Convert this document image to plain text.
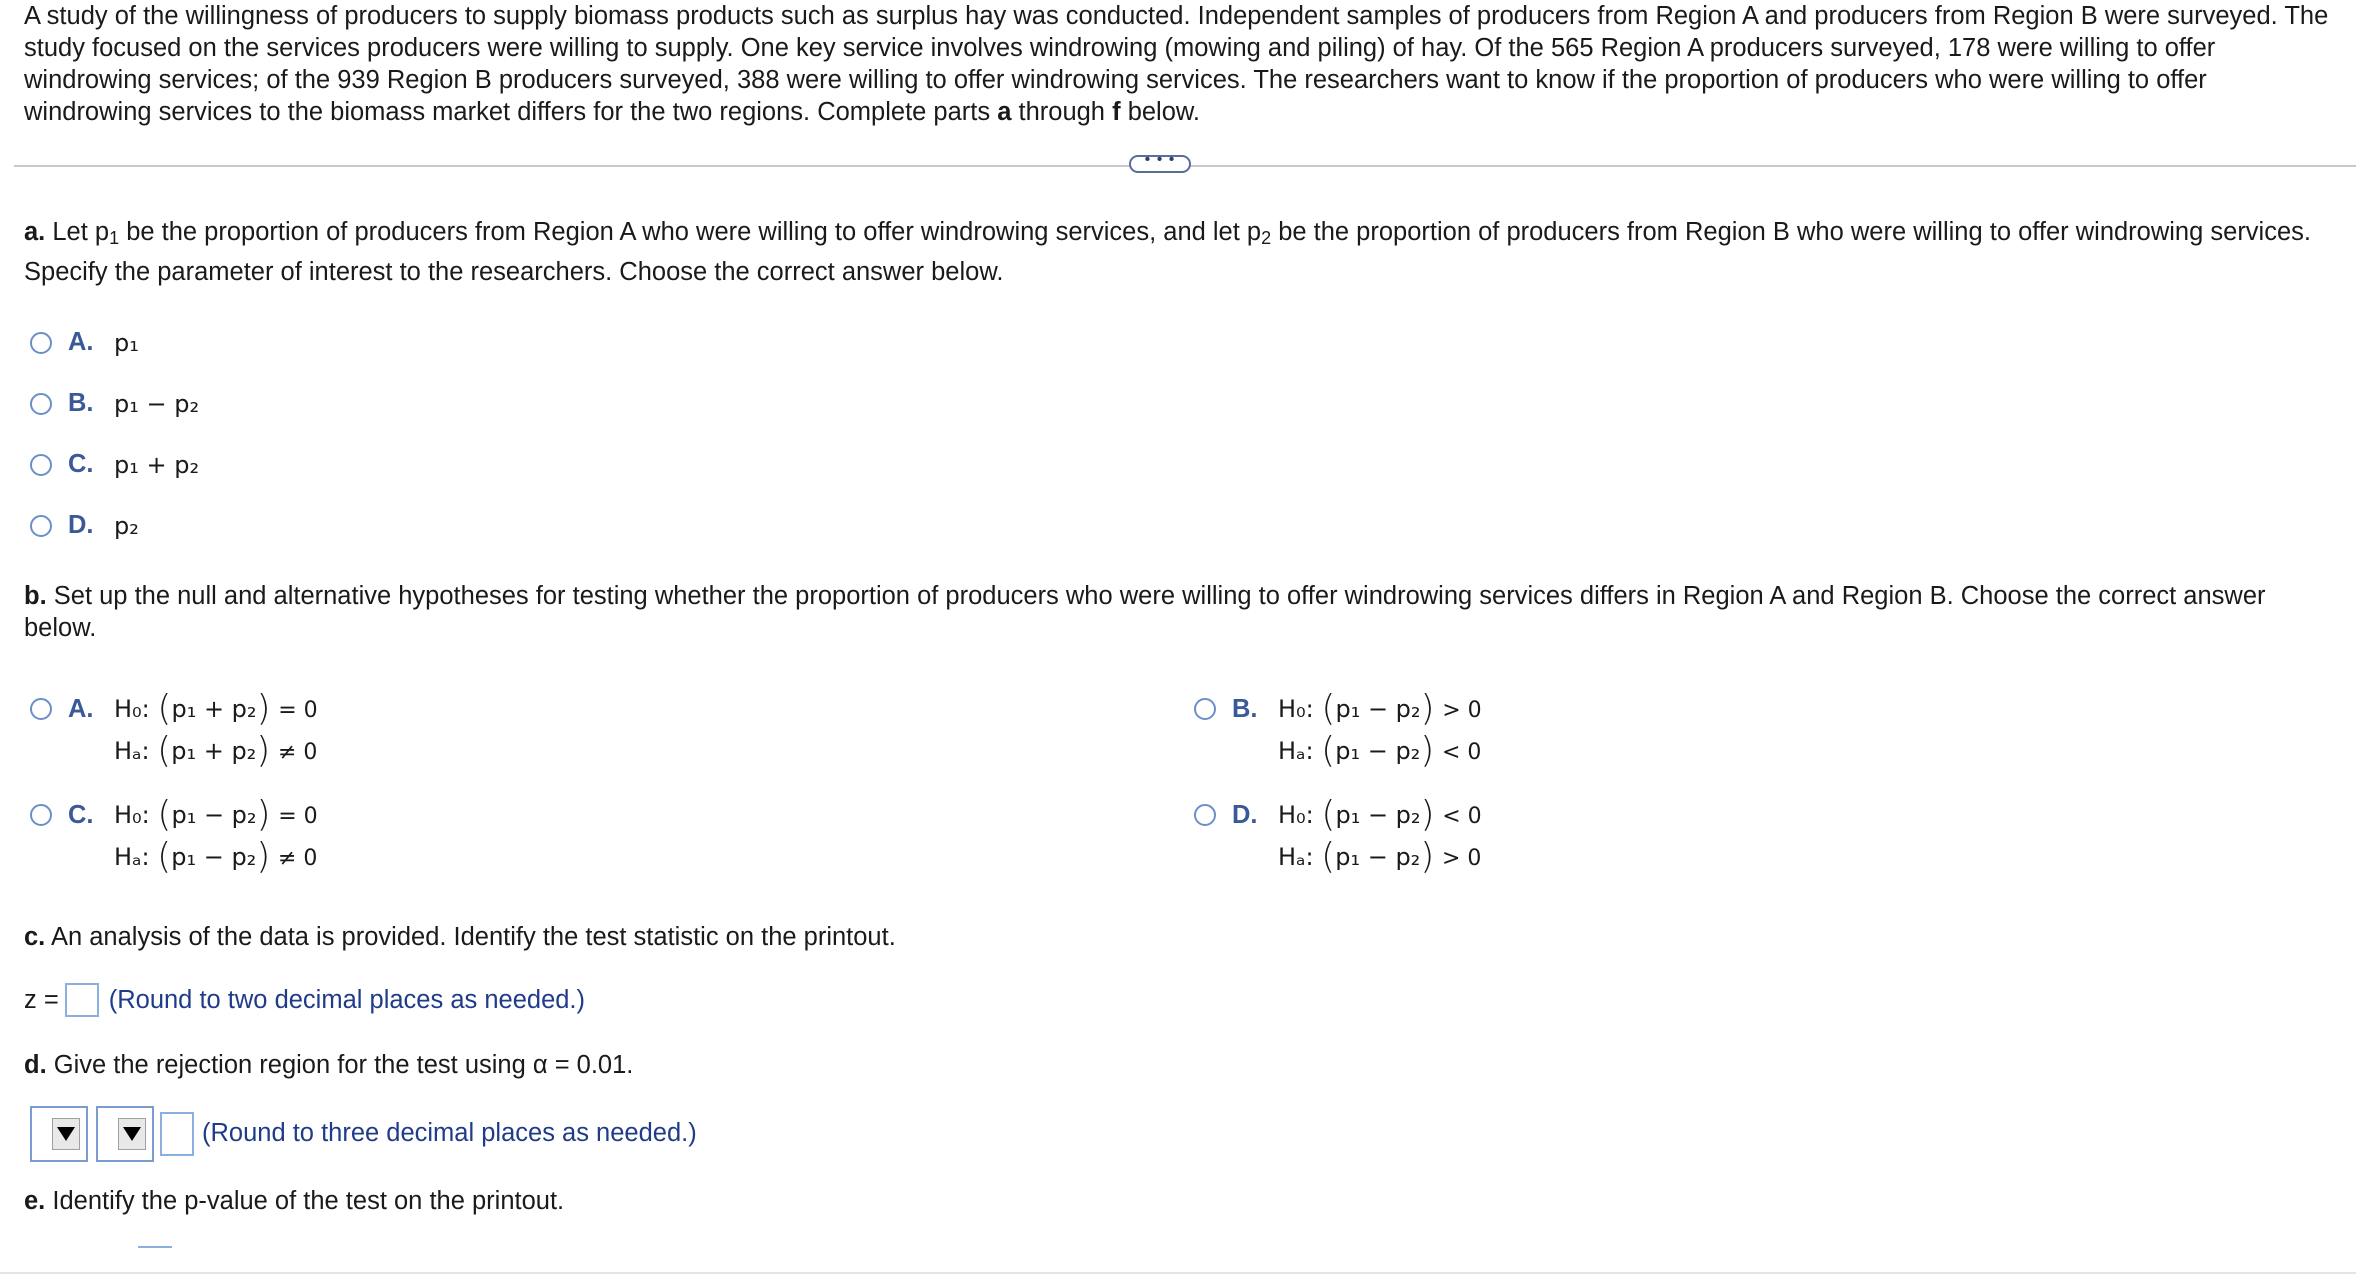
A study of the willingness of producers to supply biomass products such as surplus hay was conducted. Independent samples of producers from Region A and producers from Region B were surveyed. The study focused on the services producers were willing to supply. One key service involves windrowing (mowing and piling) of hay. Of the 565 Region A producers surveyed, 178 were willing to offer windrowing services; of the 939 Region B producers surveyed, 388 were willing to offer windrowing services. The researchers want to know if the proportion of producers who were willing to offer windrowing services to the biomass market differs for the two regions. Complete parts a through f below.
• • •
a. Let $p_1$ be the proportion of producers from Region A who were willing to offer windrowing services, and let $p_2$ be the proportion of producers from Region B who were willing to offer windrowing services. Specify the parameter of interest to the researchers. Choose the correct answer below.
A. p₁
B. p₁ − p₂
C. p₁ + p₂
D. p₂
b. Set up the null and alternative hypotheses for testing whether the proportion of producers who were willing to offer windrowing services differs in Region A and Region B. Choose the correct answer below.
A. H₀: (p₁ + p₂) = 0
Hₐ: (p₁ + p₂) ≠ 0
B. H₀: (p₁ − p₂) > 0
Hₐ: (p₁ − p₂) < 0
C. H₀: (p₁ − p₂) = 0
Hₐ: (p₁ − p₂) ≠ 0
D. H₀: (p₁ − p₂) < 0
Hₐ: (p₁ − p₂) > 0
c. An analysis of the data is provided. Identify the test statistic on the printout.
z = (Round to two decimal places as needed.)
d. Give the rejection region for the test using α = 0.01.
(Round to three decimal places as needed.)
e. Identify the p-value of the test on the printout.
